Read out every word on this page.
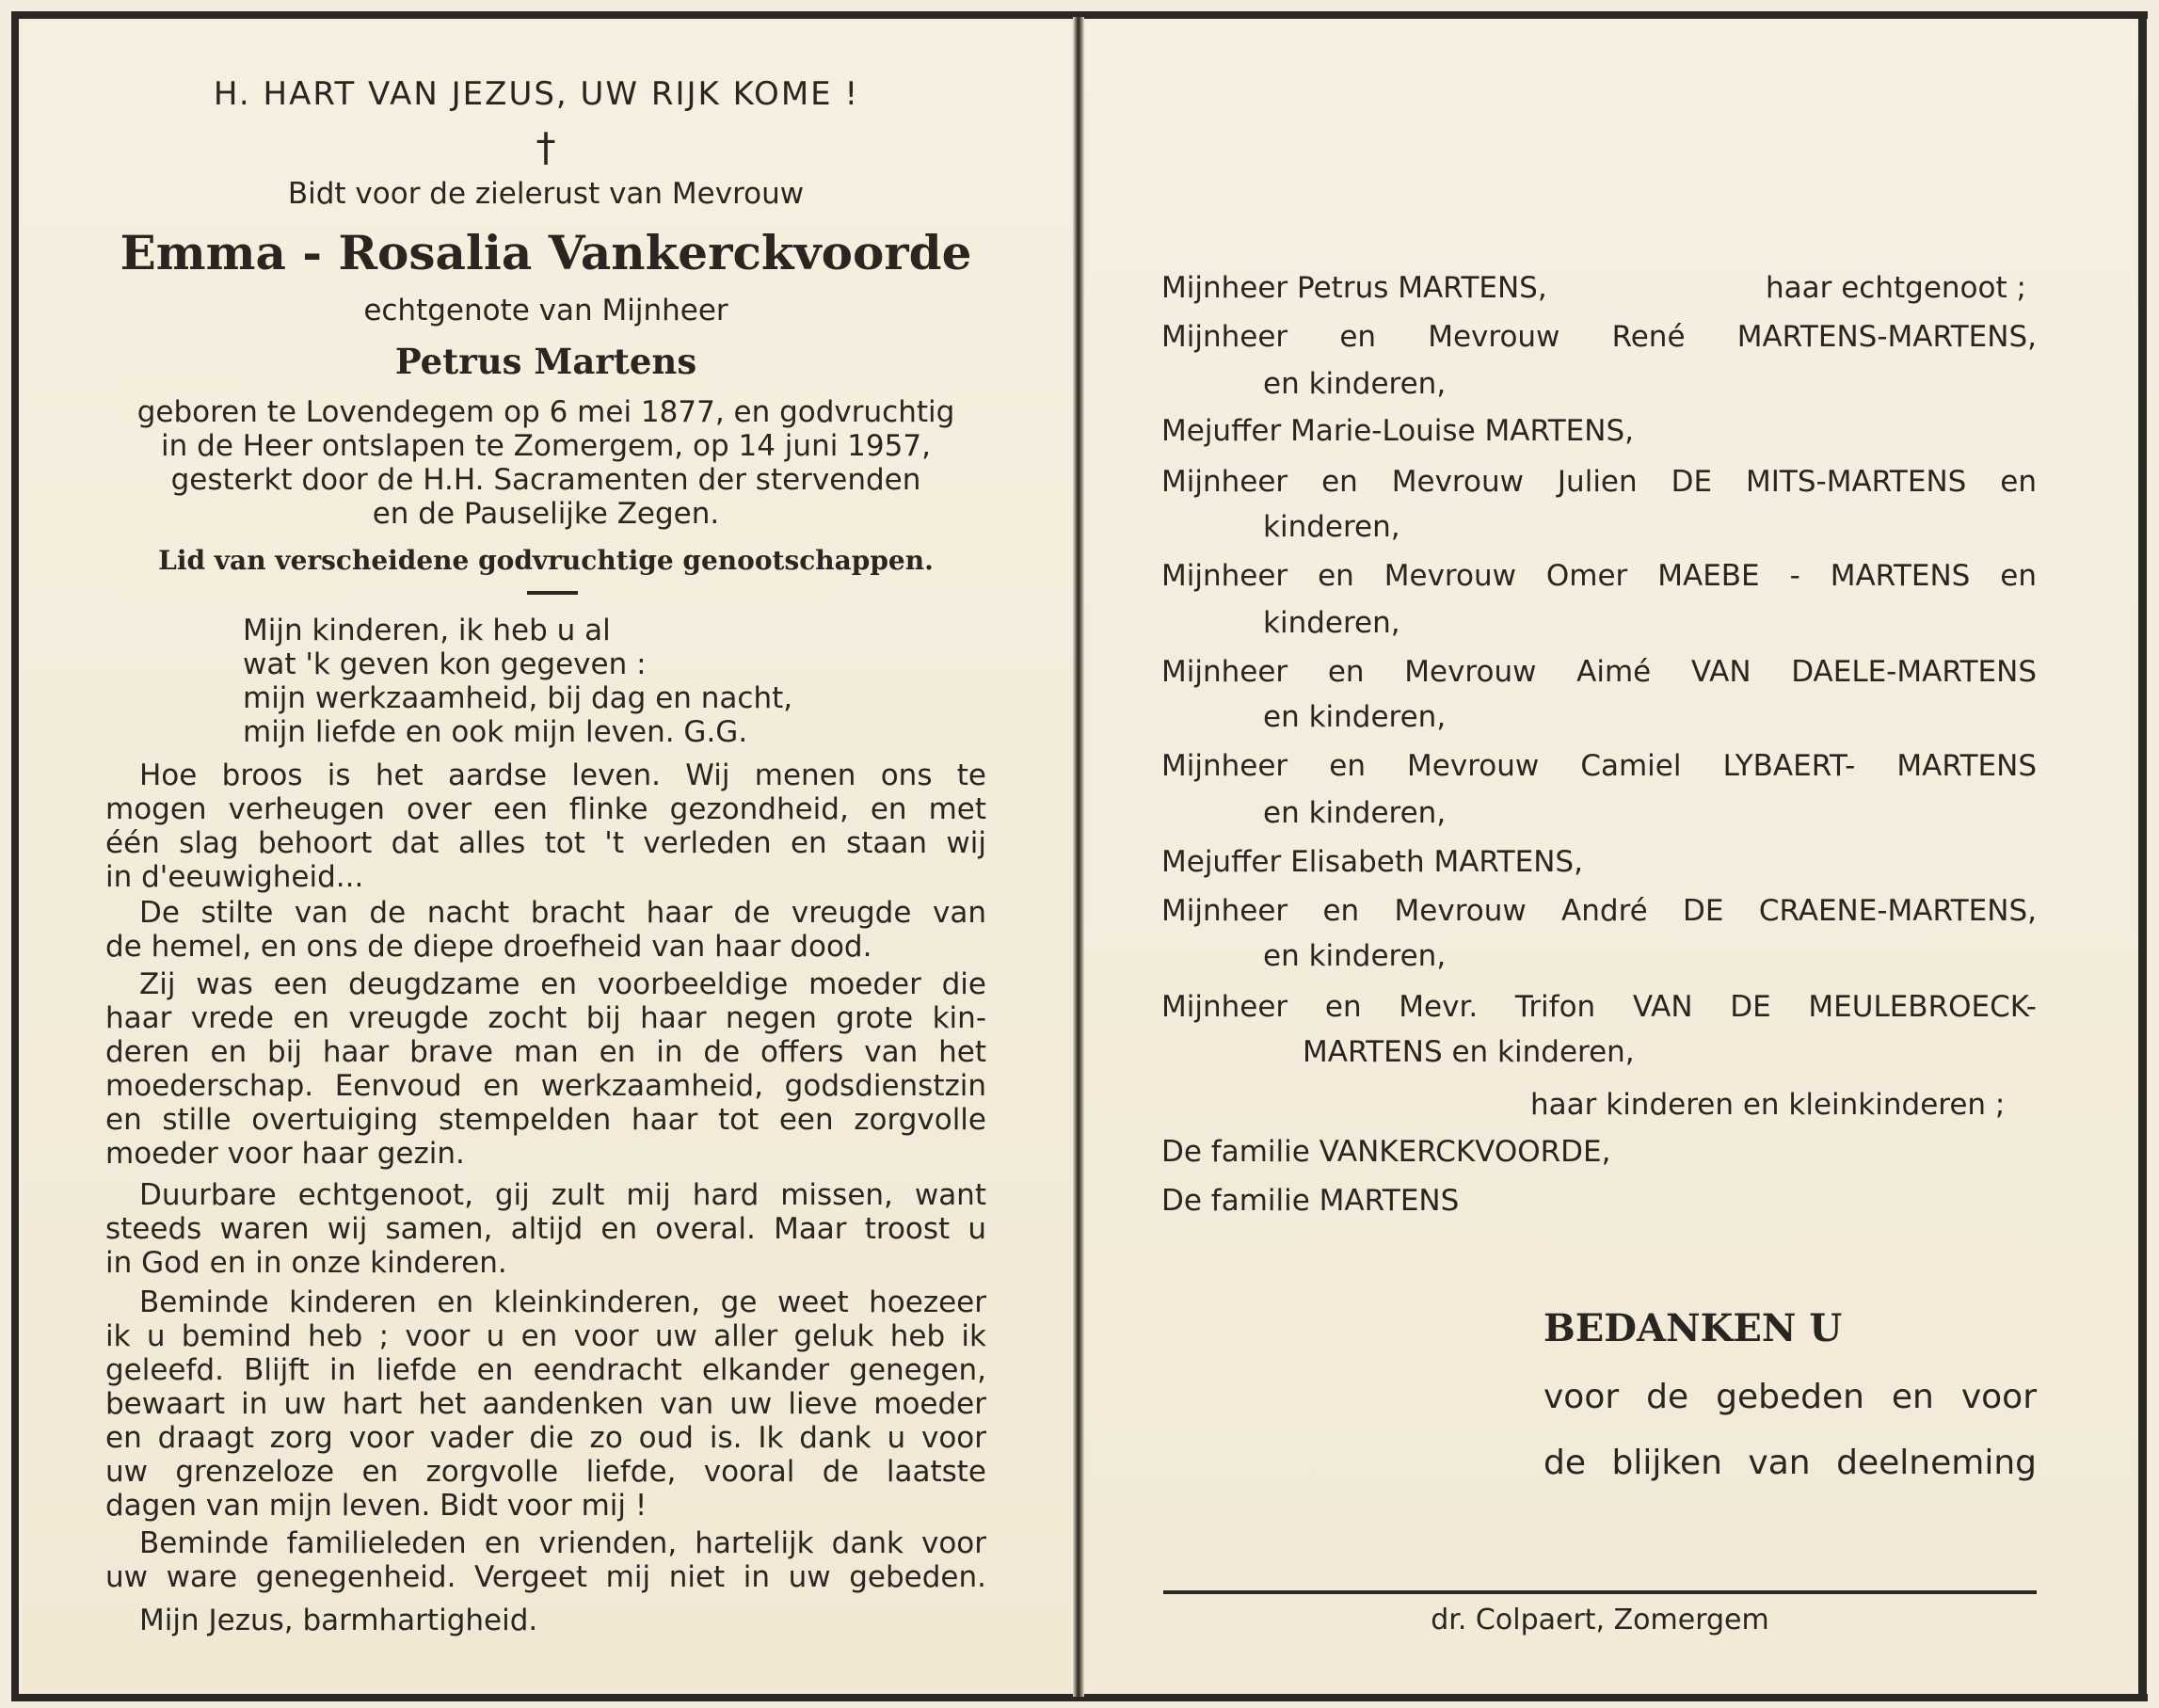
H. HART VAN JEZUS, UW RIJK KOME !
†
Bidt voor de zielerust van Mevrouw
Emma - Rosalia Vankerckvoorde
echtgenote van Mijnheer
Petrus Martens
geboren te Lovendegem op 6 mei 1877, en godvruchtig
in de Heer ontslapen te Zomergem, op 14 juni 1957,
gesterkt door de H.H. Sacramenten der stervenden
en de Pauselijke Zegen.
Lid van verscheidene godvruchtige genootschappen.
Mijn kinderen, ik heb u al
wat 'k geven kon gegeven :
mijn werkzaamheid, bij dag en nacht,
mijn liefde en ook mijn leven. G.G.
Hoe broos is het aardse leven. Wij menen ons te
mogen verheugen over een flinke gezondheid, en met
één slag behoort dat alles tot 't verleden en staan wij
in d'eeuwigheid...
De stilte van de nacht bracht haar de vreugde van
de hemel, en ons de diepe droefheid van haar dood.
Zij was een deugdzame en voorbeeldige moeder die
haar vrede en vreugde zocht bij haar negen grote kin-
deren en bij haar brave man en in de offers van het
moederschap. Eenvoud en werkzaamheid, godsdienstzin
en stille overtuiging stempelden haar tot een zorgvolle
moeder voor haar gezin.
Duurbare echtgenoot, gij zult mij hard missen, want
steeds waren wij samen, altijd en overal. Maar troost u
in God en in onze kinderen.
Beminde kinderen en kleinkinderen, ge weet hoezeer
ik u bemind heb ; voor u en voor uw aller geluk heb ik
geleefd. Blijft in liefde en eendracht elkander genegen,
bewaart in uw hart het aandenken van uw lieve moeder
en draagt zorg voor vader die zo oud is. Ik dank u voor
uw grenzeloze en zorgvolle liefde, vooral de laatste
dagen van mijn leven. Bidt voor mij !
Beminde familieleden en vrienden, hartelijk dank voor
uw ware genegenheid. Vergeet mij niet in uw gebeden.
Mijn Jezus, barmhartigheid.
Mijnheer Petrus MARTENS,	haar echtgenoot ;
Mijnheer en Mevrouw René MARTENS-MARTENS,
en kinderen,
Mejuffer Marie-Louise MARTENS,
Mijnheer en Mevrouw Julien DE MITS-MARTENS en
kinderen,
Mijnheer en Mevrouw Omer MAEBE - MARTENS en
kinderen,
Mijnheer en Mevrouw Aimé VAN DAELE-MARTENS
en kinderen,
Mijnheer en Mevrouw Camiel LYBAERT- MARTENS
en kinderen,
Mejuffer Elisabeth MARTENS,
Mijnheer en Mevrouw André DE CRAENE-MARTENS,
en kinderen,
Mijnheer en Mevr. Trifon VAN DE MEULEBROECK-
MARTENS en kinderen,
haar kinderen en kleinkinderen ;
De familie VANKERCKVOORDE,
De familie MARTENS
BEDANKEN U
voor de gebeden en voor
de blijken van deelneming
dr. Colpaert, Zomergem
